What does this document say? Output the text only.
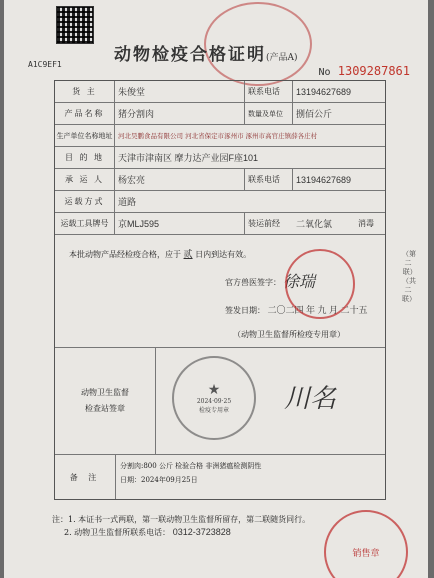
A1C9EF1	动物检疫合格证明(产品A)
No 1309287861
货 主	朱俊堂	联系电话	13194627689
产品名称	猪分割肉	数量及单位	捌佰公斤
生产单位名称地址 河北昊鹏食品有限公司 河北省保定市涿州市 涿州市高官庄镇薛各庄村
目 的 地	天津市津南区 摩力达产业园F座101
承 运 人	杨宏亮	联系电话	13194627689
运载方式	道路
运载工具牌号	京MLJ595	装运前经	二氧化氯	消毒
本批动物产品经检疫合格，应于 贰 日内到达有效。
官方兽医签字： 徐瑞
签发日期： 二〇二四 年 九 月 二十五
（动物卫生监督所检疫专用章）
动物卫生监督
检查站签章
★
2024·09·25
检疫专用章 川名
备 注
分割肉:800 公斤 检验合格 非洲猪瘟检测阴性
日期：2024年09月25日
（第二联）（共二联）
注：1. 本证书一式两联，第一联动物卫生监督所留存，第二联随货同行。
2. 动物卫生监督所联系电话： 0312-3723828
销售章
